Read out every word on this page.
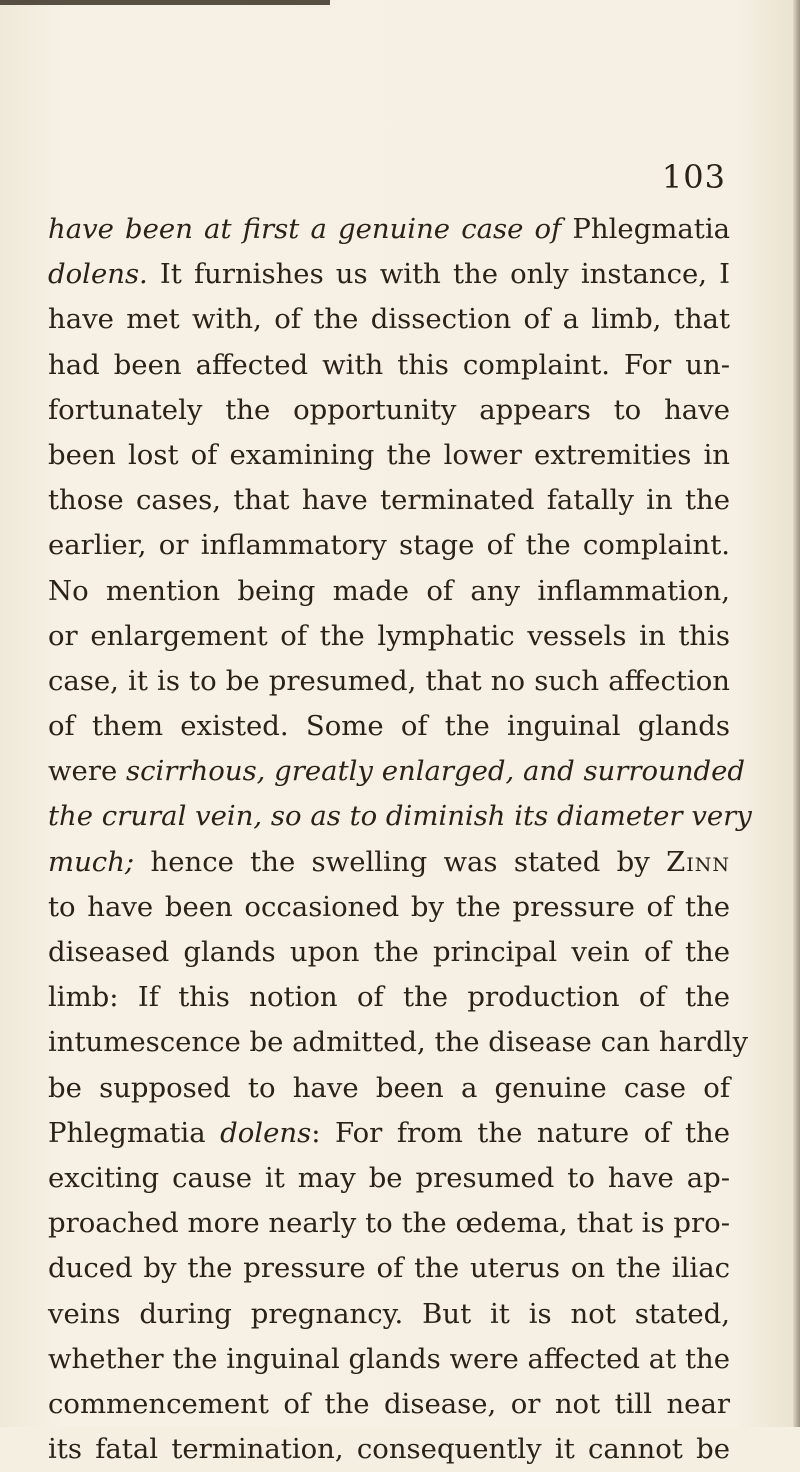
103
have been at first a genuine case of Phlegmatia
dolens. It furnishes us with the only instance, I
have met with, of the dissection of a limb, that
had been affected with this complaint. For un-
fortunately the opportunity appears to have
been lost of examining the lower extremities in
those cases, that have terminated fatally in the
earlier, or inflammatory stage of the complaint.
No mention being made of any inflammation,
or enlargement of the lymphatic vessels in this
case, it is to be presumed, that no such affection
of them existed. Some of the inguinal glands
were scirrhous, greatly enlarged, and surrounded
the crural vein, so as to diminish its diameter very
much; hence the swelling was stated by Zinn
to have been occasioned by the pressure of the
diseased glands upon the principal vein of the
limb: If this notion of the production of the
intumescence be admitted, the disease can hardly
be supposed to have been a genuine case of
Phlegmatia dolens: For from the nature of the
exciting cause it may be presumed to have ap-
proached more nearly to the œdema, that is pro-
duced by the pressure of the uterus on the iliac
veins during pregnancy. But it is not stated,
whether the inguinal glands were affected at the
commencement of the disease, or not till near
its fatal termination, consequently it cannot be
